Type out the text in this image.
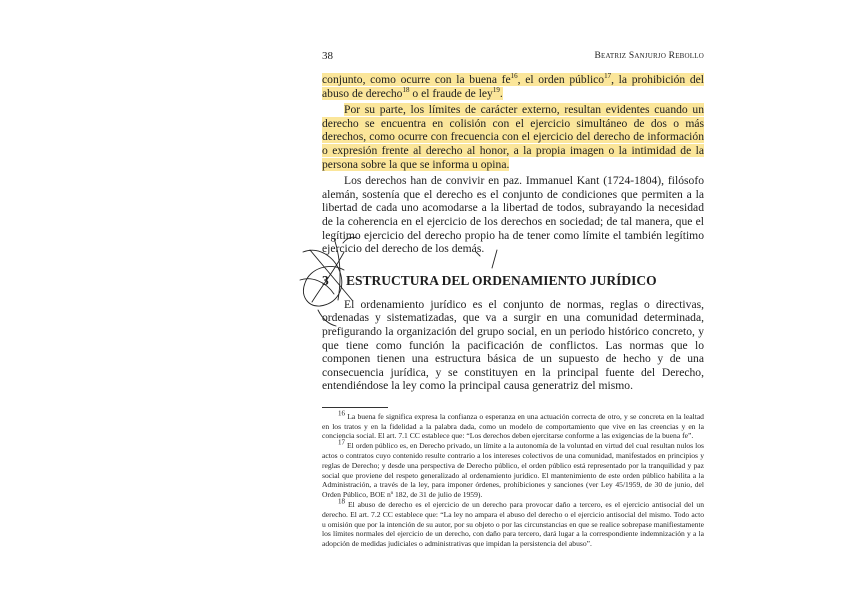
38	Beatriz Sanjurjo Rebollo

conjunto, como ocurre con la buena $fe^{16}$, el orden público$^{17}$, la prohibición del abuso de derecho$^{18}$ o el fraude de ley$^{19}$.

Por su parte, los límites de carácter externo, resultan evidentes cuando un derecho se encuentra en colisión con el ejercicio simultáneo de dos o más derechos, como ocurre con frecuencia con el ejercicio del derecho de información o expresión frente al derecho al honor, a la propia imagen o la intimidad de la persona sobre la que se informa u opina.

Los derechos han de convivir en paz. Immanuel Kant (1724-1804), filósofo alemán, sostenía que el derecho es el conjunto de condiciones que permiten a la libertad de cada uno acomodarse a la libertad de todos, subrayando la necesidad de la coherencia en el ejercicio de los derechos en sociedad; de tal manera, que el legítimo ejercicio del derecho propio ha de tener como límite el también legítimo ejercicio del derecho de los demás.

3 ESTRUCTURA DEL ORDENAMIENTO JURÍDICO

El ordenamiento jurídico es el conjunto de normas, reglas o directivas, ordenadas y sistematizadas, que va a surgir en una comunidad determinada, prefigurando la organización del grupo social, en un periodo histórico concreto, y que tiene como función la pacificación de conflictos. Las normas que lo componen tienen una estructura básica de un supuesto de hecho y de una consecuencia jurídica, y se constituyen en la principal fuente del Derecho, entendiéndose la ley como la principal causa generatriz del mismo.

$^{16}$ La buena fe significa expresa la confianza o esperanza en una actuación correcta de otro, y se concreta en la lealtad en los tratos y en la fidelidad a la palabra dada, como un modelo de comportamiento que vive en las creencias y en la conciencia social. El art. 7.1 CC establece que: “Los derechos deben ejercitarse conforme a las exigencias de la buena fe”.

$^{17}$ El orden público es, en Derecho privado, un límite a la autonomía de la voluntad en virtud del cual resultan nulos los actos o contratos cuyo contenido resulte contrario a los intereses colectivos de una comunidad, manifestados en principios y reglas de Derecho; y desde una perspectiva de Derecho público, el orden público está representado por la tranquilidad y paz social que proviene del respeto generalizado al ordenamiento jurídico. El mantenimiento de este orden público habilita a la Administración, a través de la ley, para imponer órdenes, prohibiciones y sanciones (ver Ley 45/1959, de 30 de junio, del Orden Público, BOE nº 182, de 31 de julio de 1959).

$^{18}$ El abuso de derecho es el ejercicio de un derecho para provocar daño a tercero, es el ejercicio antisocial del un derecho. El art. 7.2 CC establece que: “La ley no ampara el abuso del derecho o el ejercicio antisocial del mismo. Todo acto u omisión que por la intención de su autor, por su objeto o por las circunstancias en que se realice sobrepase manifiestamente los límites normales del ejercicio de un derecho, con daño para tercero, dará lugar a la correspondiente indemnización y a la adopción de medidas judiciales o administrativas que impidan la persistencia del abuso”.
